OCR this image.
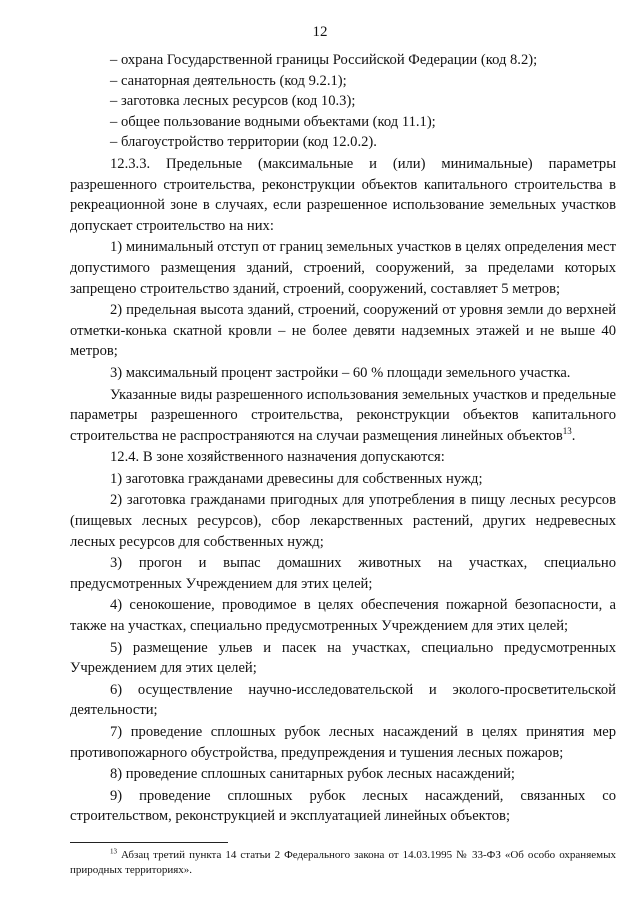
12

– охрана Государственной границы Российской Федерации (код 8.2);

– санаторная деятельность (код 9.2.1);

– заготовка лесных ресурсов (код 10.3);

– общее пользование водными объектами (код 11.1);

– благоустройство территории (код 12.0.2).

12.3.3. Предельные (максимальные и (или) минимальные) параметры разрешенного строительства, реконструкции объектов капитального строительства в рекреационной зоне в случаях, если разрешенное использование земельных участков допускает строительство на них:

1) минимальный отступ от границ земельных участков в целях определения мест допустимого размещения зданий, строений, сооружений, за пределами которых запрещено строительство зданий, строений, сооружений, составляет 5 метров;

2) предельная высота зданий, строений, сооружений от уровня земли до верхней отметки-конька скатной кровли – не более девяти надземных этажей и не выше 40 метров;

3) максимальный процент застройки – 60 % площади земельного участка.

Указанные виды разрешенного использования земельных участков и предельные параметры разрешенного строительства, реконструкции объектов капитального строительства не распространяются на случаи размещения линейных объектов$^{13}$.

12.4. В зоне хозяйственного назначения допускаются:

1) заготовка гражданами древесины для собственных нужд;

2) заготовка гражданами пригодных для употребления в пищу лесных ресурсов (пищевых лесных ресурсов), сбор лекарственных растений, других недревесных лесных ресурсов для собственных нужд;

3) прогон и выпас домашних животных на участках, специально предусмотренных Учреждением для этих целей;

4) сенокошение, проводимое в целях обеспечения пожарной безопасности, а также на участках, специально предусмотренных Учреждением для этих целей;

5) размещение ульев и пасек на участках, специально предусмотренных Учреждением для этих целей;

6) осуществление научно-исследовательской и эколого-просветительской деятельности;

7) проведение сплошных рубок лесных насаждений в целях принятия мер противопожарного обустройства, предупреждения и тушения лесных пожаров;

8) проведение сплошных санитарных рубок лесных насаждений;

9) проведение сплошных рубок лесных насаждений, связанных со строительством, реконструкцией и эксплуатацией линейных объектов;

$^{13}$ Абзац третий пункта 14 статьи 2 Федерального закона от 14.03.1995 № 33-ФЗ «Об особо охраняемых природных территориях».
